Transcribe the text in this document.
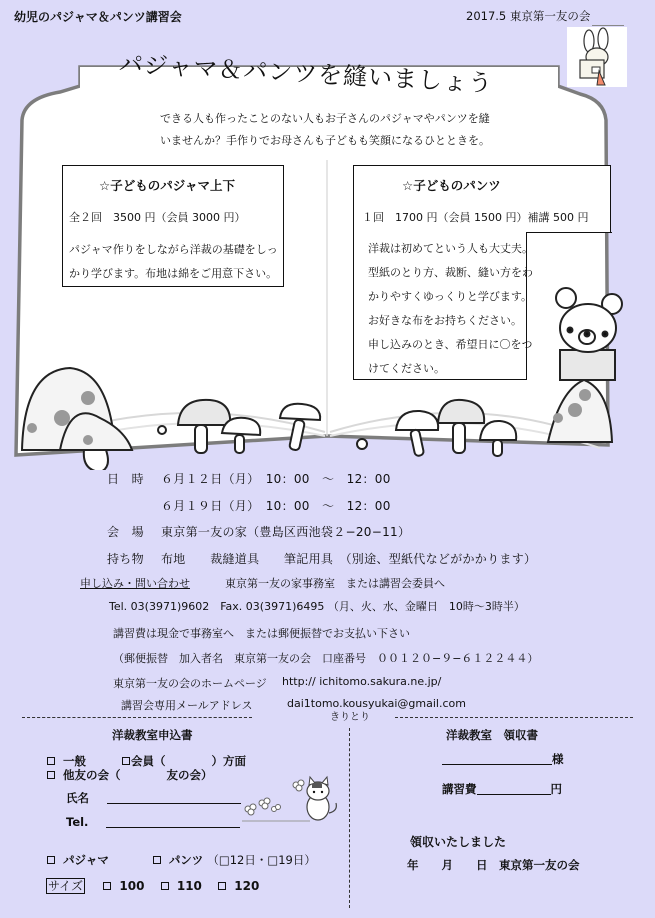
幼児のパジャマ＆パンツ講習会	2017.5 東京第一友の会
パジャマ＆パンツを縫いましょう
できる人も作ったことのない人もお子さんのパジャマやパンツを縫
いませんか？手作りでお母さんも子どもも笑顔になるひとときを。
☆子どものパジャマ上下
全２回　3500 円（会員 3000 円）
パジャマ作りをしながら洋裁の基礎をしっ
かり学びます。布地は綿をご用意下さい。
☆子どものパンツ
１回　1700 円（会員 1500 円）補講 500 円
洋裁は初めてという人も大丈夫。
型紙のとり方、裁断、縫い方をわ
かりやすくゆっくりと学びます。
お好きな布をお持ちください。
申し込みのとき、希望日に〇をつ
けてください。
日　時 ６月１２日（月）　10：00　～　12：00
６月１９日（月）　10：00　～　12：00
会　場 東京第一友の家（豊島区西池袋２−20−11）
持ち物 布地　　裁縫道具　　筆記用具　（別途、型紙代などがかかります）
申し込み・問い合わせ	東京第一友の家事務室　または講習会委員へ
Tel. 03(3971)9602　Fax. 03(3971)6495 （月、火、水、金曜日　10時～3時半）
講習費は現金で事務室へ　または郵便振替でお支払い下さい
（郵便振替　加入者名　東京第一友の会　口座番号　００１２０−９−６１２２４４）
東京第一友の会のホームページ http:// ichitomo.sakura.ne.jp/
講習会専用メールアドレス	dai1tomo.kousyukai@gmail.com
きりとり
洋裁教室申込書
一般	会員（　　　　）方面
他友の会（　　　　友の会）
氏名
Tel.
パジャマ	パンツ （□12日・□19日）
サイズ	100	110	120
洋裁教室　領収書
様
講習費	円
領収いたしました
年　　月　　日　東京第一友の会
